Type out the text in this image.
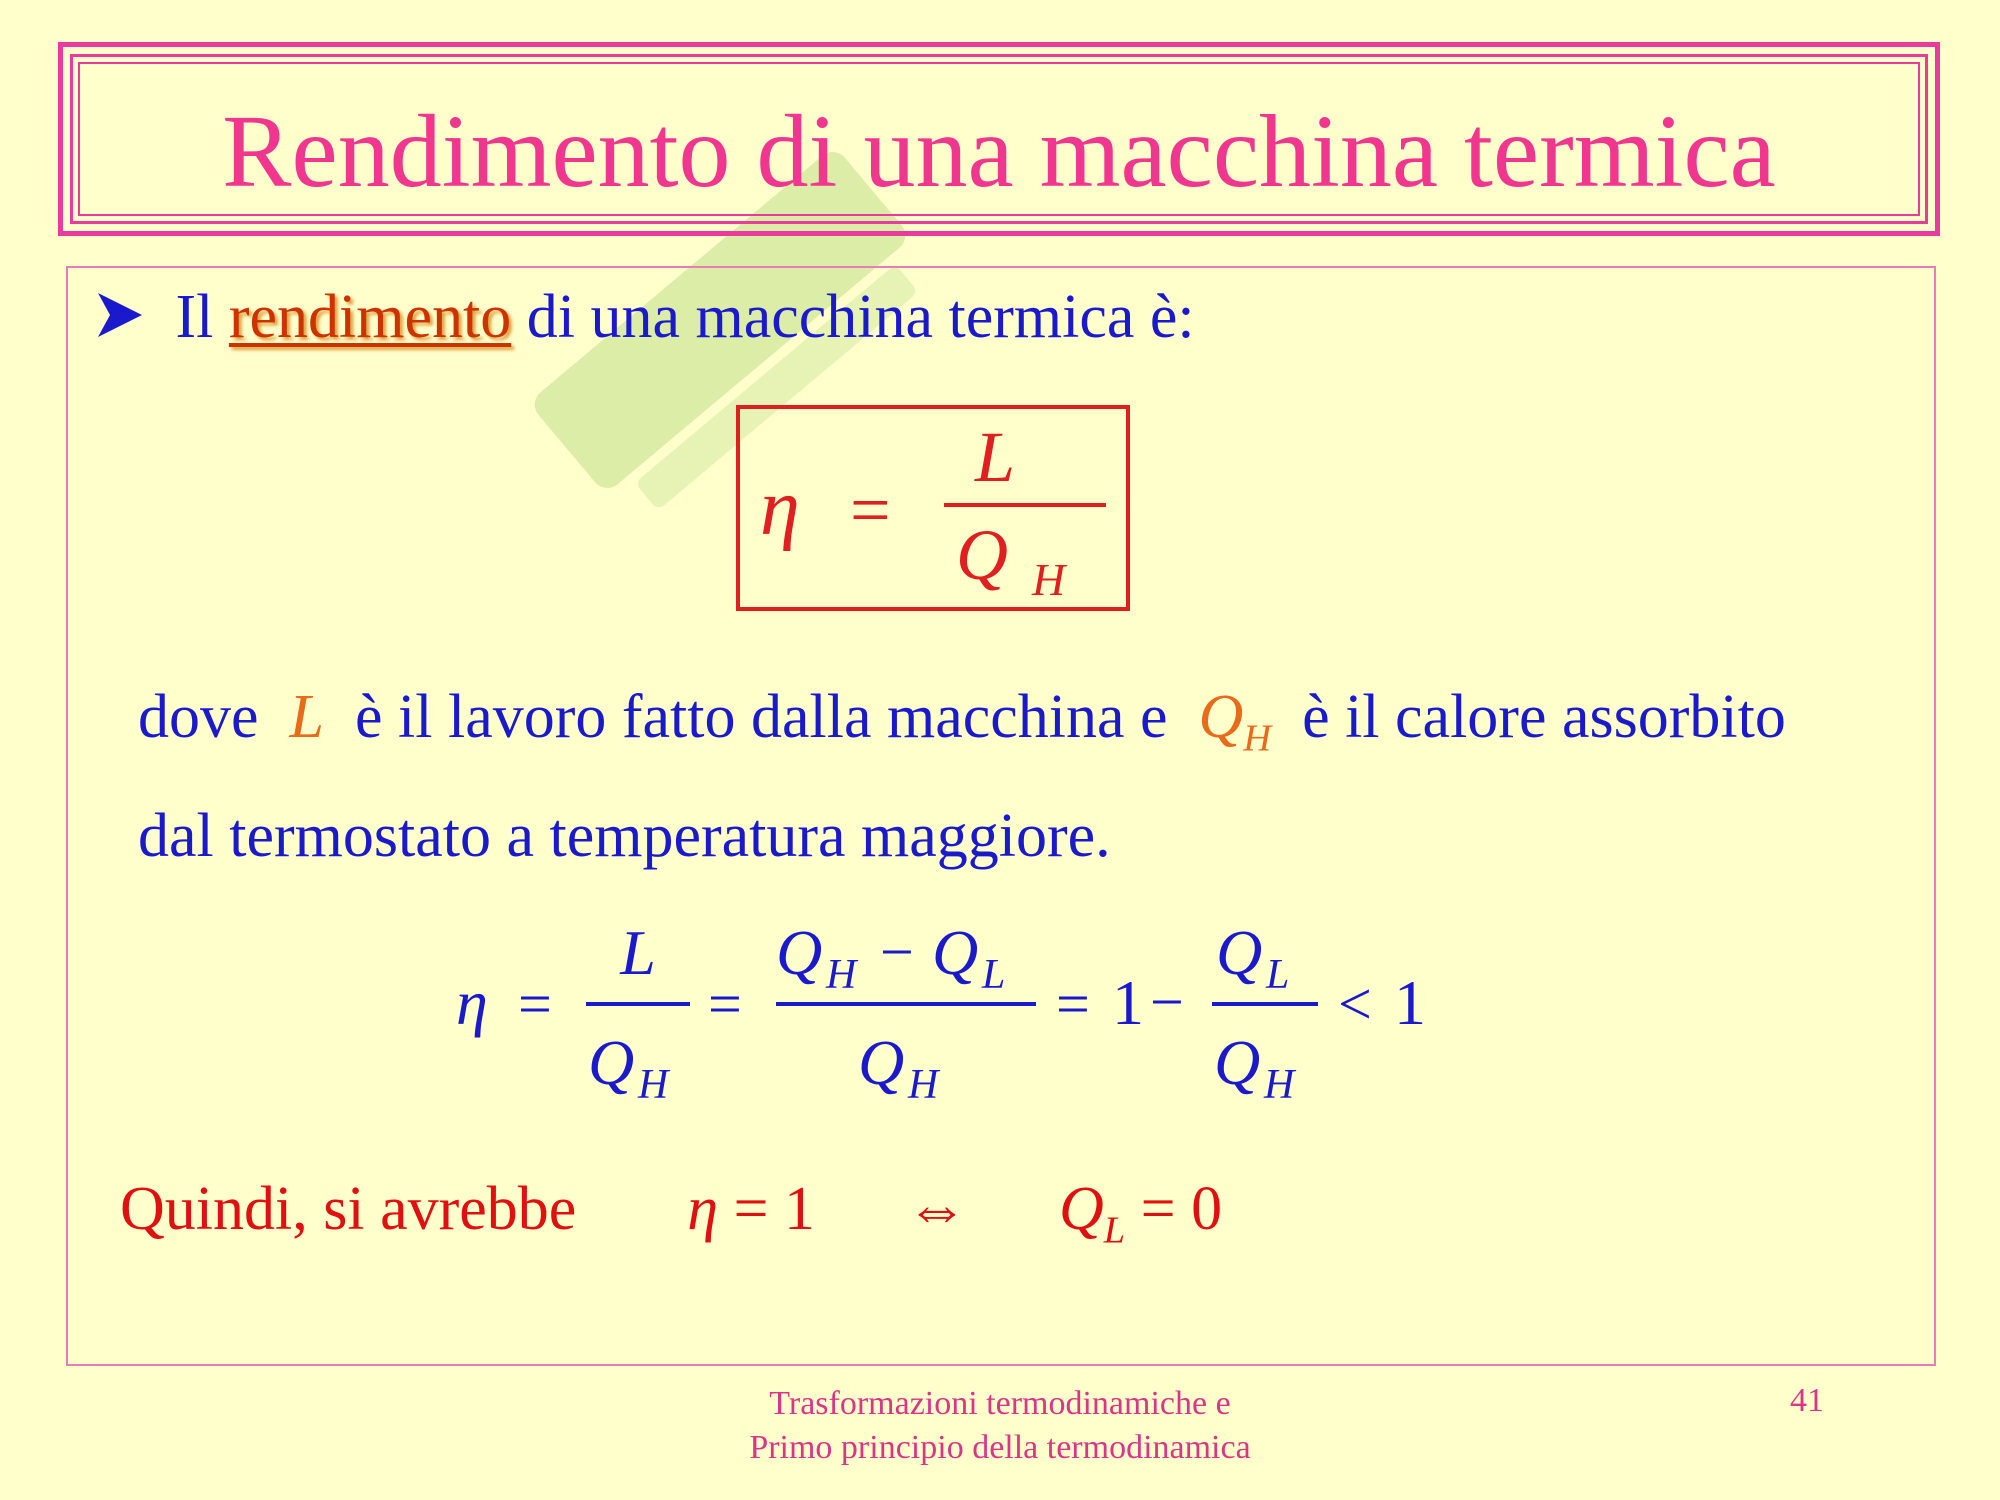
Rendimento di una macchina termica
Il rendimento di una macchina termica è:
η =
L
Q H
dove L è il lavoro fatto dalla macchina e $Q_H$ è il calore assorbito
dal termostato a temperatura maggiore.
η =
L
Q H
=
Q H − Q L
Q H
= 1 −
Q L
Q H
< 1
Quindi, si avrebbe η = 1 ⇔ $Q_L = 0$
Trasformazioni termodinamiche e
Primo principio della termodinamica
41
